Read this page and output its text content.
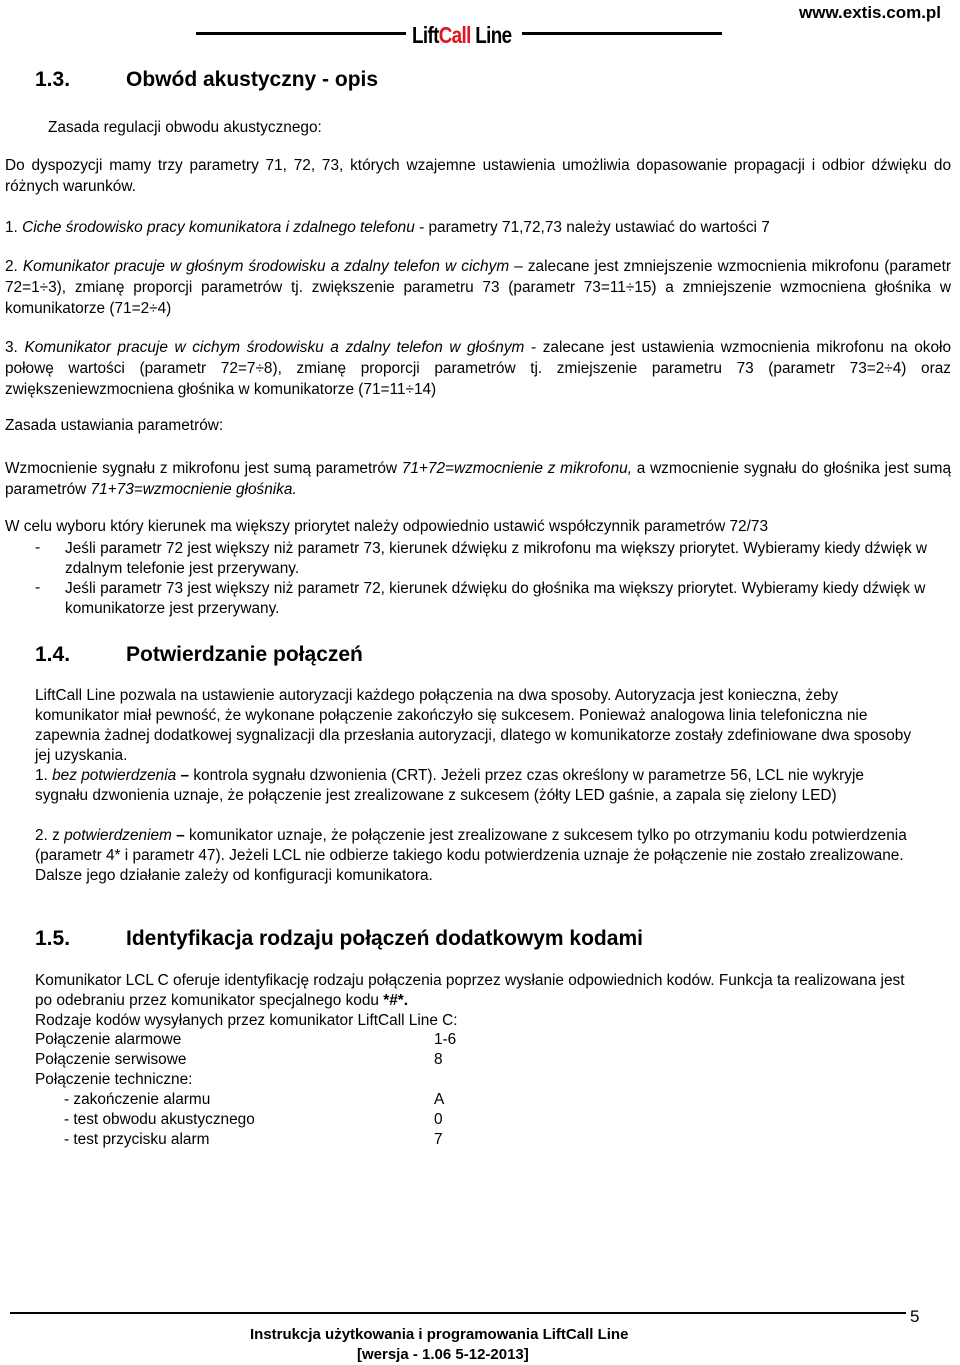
LiftCall Line
www.extis.com.pl
1.3.	Obwód akustyczny - opis
Zasada regulacji obwodu akustycznego:
Do dyspozycji mamy trzy parametry 71, 72, 73, których wzajemne ustawienia umożliwia dopasowanie propagacji i odbior dźwięku do różnych warunków.
1. Ciche środowisko pracy komunikatora i zdalnego telefonu - parametry 71,72,73 należy ustawiać do wartości 7
2. Komunikator pracuje w głośnym środowisku a zdalny telefon w cichym – zalecane jest zmniejszenie wzmocnienia mikrofonu (parametr 72=1÷3), zmianę proporcji parametrów tj. zwiększenie parametru 73 (parametr 73=11÷15) a zmniejszenie wzmocniena głośnika w komunikatorze (71=2÷4)
3. Komunikator pracuje w cichym środowisku a zdalny telefon w głośnym - zalecane jest ustawienia wzmocnienia mikrofonu na około połowę wartości (parametr 72=7÷8), zmianę proporcji parametrów tj. zmiejszenie parametru 73 (parametr 73=2÷4) oraz zwiększeniewzmocniena głośnika w komunikatorze (71=11÷14)
Zasada ustawiania parametrów:
Wzmocnienie sygnału z mikrofonu jest sumą parametrów 71+72=wzmocnienie z mikrofonu, a wzmocnienie sygnału do głośnika jest sumą parametrów 71+73=wzmocnienie głośnika.
W celu wyboru który kierunek ma większy priorytet należy odpowiednio ustawić współczynnik parametrów 72/73
- Jeśli parametr 72 jest większy niż parametr 73, kierunek dźwięku z mikrofonu ma większy priorytet. Wybieramy kiedy dźwięk w zdalnym telefonie jest przerywany.
- Jeśli parametr 73 jest większy niż parametr 72, kierunek dźwięku do głośnika ma większy priorytet. Wybieramy kiedy dźwięk w komunikatorze jest przerywany.
1.4.	Potwierdzanie połączeń
LiftCall Line pozwala na ustawienie autoryzacji każdego połączenia na dwa sposoby. Autoryzacja jest konieczna, żeby komunikator miał pewność, że wykonane połączenie zakończyło się sukcesem. Ponieważ analogowa linia telefoniczna nie zapewnia żadnej dodatkowej sygnalizacji dla przesłania autoryzacji, dlatego w komunikatorze zostały zdefiniowane dwa sposoby jej uzyskania.
1. bez potwierdzenia – kontrola sygnału dzwonienia (CRT). Jeżeli przez czas określony w parametrze 56, LCL nie wykryje sygnału dzwonienia uznaje, że połączenie jest zrealizowane z sukcesem (żółty LED gaśnie, a zapala się zielony LED)
2. z potwierdzeniem – komunikator uznaje, że połączenie jest zrealizowane z sukcesem tylko po otrzymaniu kodu potwierdzenia (parametr 4* i parametr 47). Jeżeli LCL nie odbierze takiego kodu potwierdzenia uznaje że połączenie nie zostało zrealizowane. Dalsze jego działanie zależy od konfiguracji komunikatora.
1.5.	Identyfikacja rodzaju połączeń dodatkowym kodami
Komunikator LCL C oferuje identyfikację rodzaju połączenia poprzez wysłanie odpowiednich kodów. Funkcja ta realizowana jest po odebraniu przez komunikator specjalnego kodu *#*.
Rodzaje kodów wysyłanych przez komunikator LiftCall Line C:
Połączenie alarmowe	1-6
Połączenie serwisowe	8
Połączenie techniczne:
- zakończenie alarmu	A
- test obwodu akustycznego	0
- test przycisku alarm	7
5
Instrukcja użytkowania i programowania LiftCall Line
[wersja - 1.06 5-12-2013]
